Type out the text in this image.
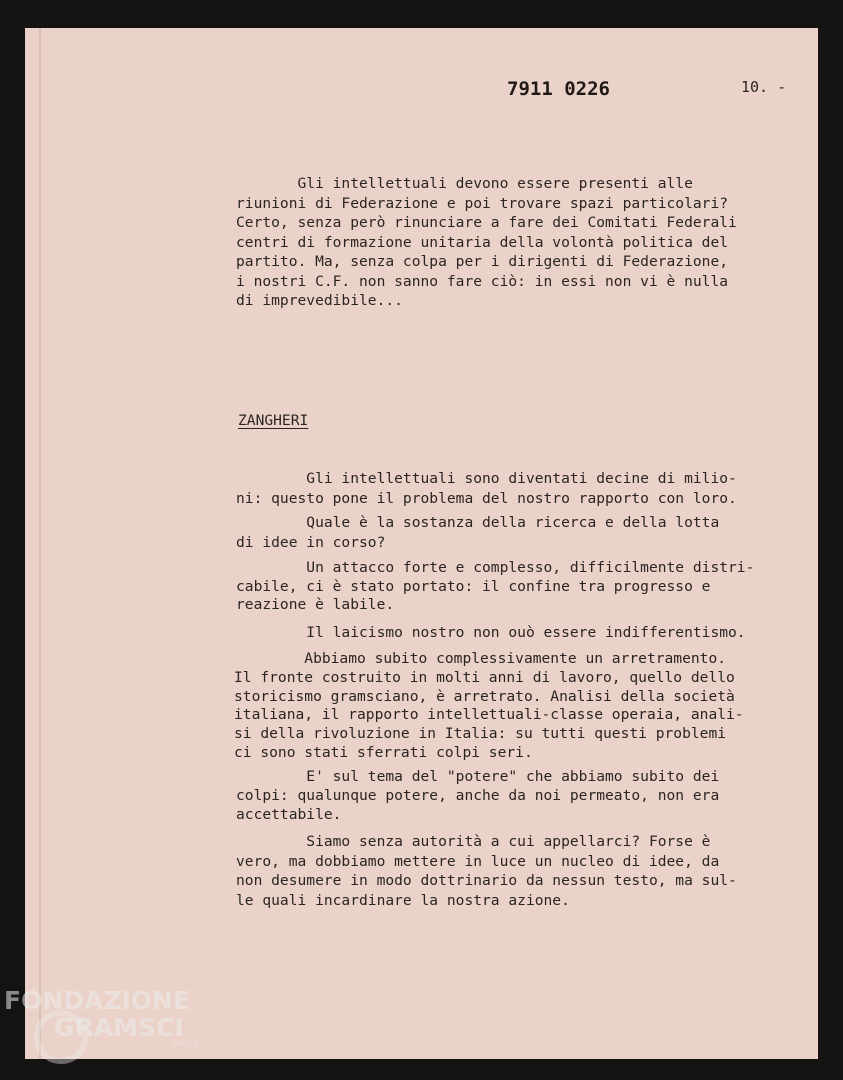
7911 0226	10. -
Gli intellettuali devono essere presenti alle
riunioni di Federazione e poi trovare spazi particolari?
Certo, senza però rinunciare a fare dei Comitati Federali
centri di formazione unitaria della volontà politica del
partito. Ma, senza colpa per i dirigenti di Federazione,
i nostri C.F. non sanno fare ciò: in essi non vi è nulla
di imprevedibile...
ZANGHERI
Gli intellettuali sono diventati decine di milio-
ni: questo pone il problema del nostro rapporto con loro.
Quale è la sostanza della ricerca e della lotta
di idee in corso?
Un attacco forte e complesso, difficilmente distri-
cabile, ci è stato portato: il confine tra progresso e
reazione è labile.
Il laicismo nostro non ouò essere indifferentismo.
Abbiamo subito complessivamente un arretramento.
Il fronte costruito in molti anni di lavoro, quello dello
storicismo gramsciano, è arretrato. Analisi della società
italiana, il rapporto intellettuali-classe operaia, anali-
si della rivoluzione in Italia: su tutti questi problemi
ci sono stati sferrati colpi seri.
E' sul tema del "potere" che abbiamo subito dei
colpi: qualunque potere, anche da noi permeato, non era
accettabile.
Siamo senza autorità a cui appellarci? Forse è
vero, ma dobbiamo mettere in luce un nucleo di idee, da
non desumere in modo dottrinario da nessun testo, ma sul-
le quali incardinare la nostra azione.
FONDAZIONE
GRAMSCI
onlus
